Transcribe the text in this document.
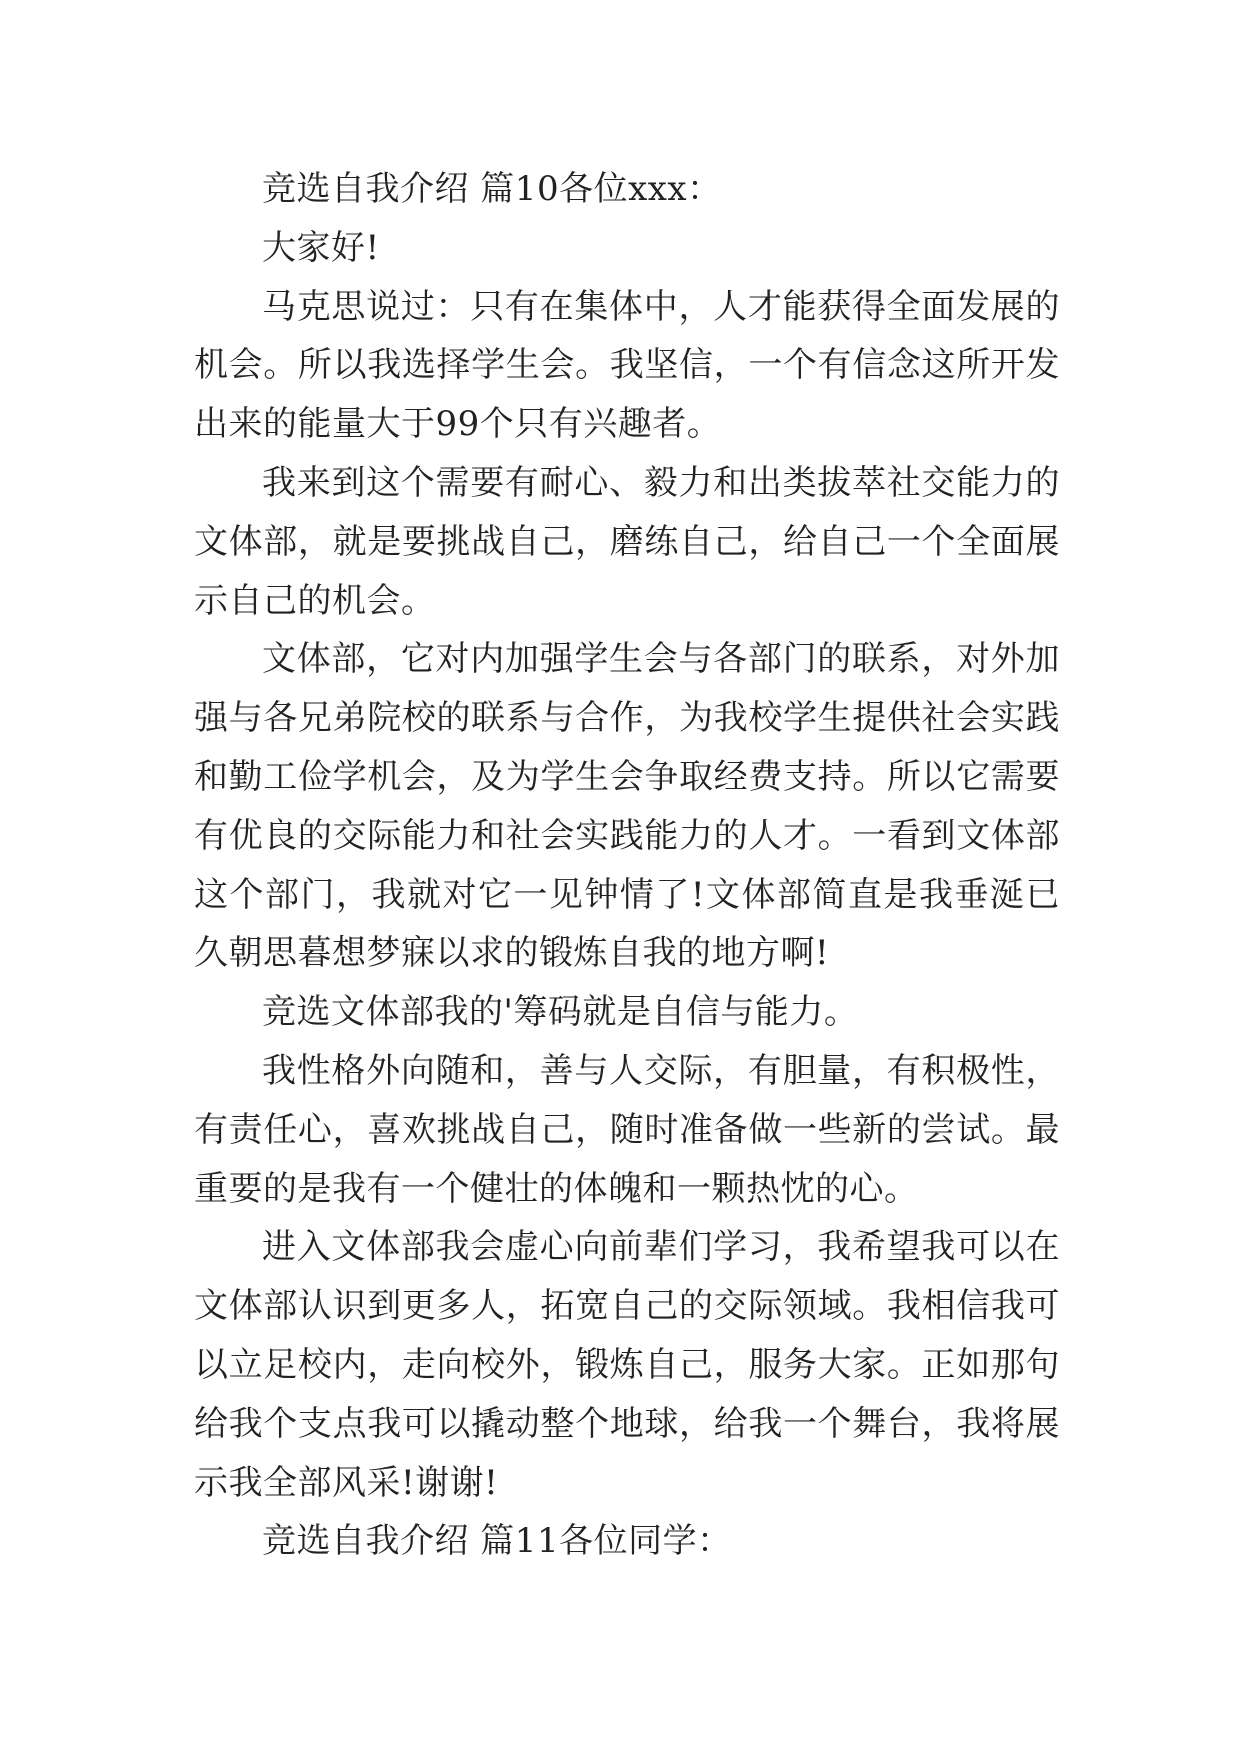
竞选自我介绍 篇10各位xxx：

大家好!

马克思说过：只有在集体中，人才能获得全面发展的机会。所以我选择学生会。我坚信，一个有信念这所开发出来的能量大于99个只有兴趣者。

我来到这个需要有耐心、毅力和出类拔萃社交能力的文体部，就是要挑战自己，磨练自己，给自己一个全面展示自己的机会。

文体部，它对内加强学生会与各部门的联系，对外加强与各兄弟院校的联系与合作，为我校学生提供社会实践和勤工俭学机会，及为学生会争取经费支持。所以它需要有优良的交际能力和社会实践能力的人才。一看到文体部这个部门，我就对它一见钟情了!文体部简直是我垂涎已久朝思暮想梦寐以求的锻炼自我的地方啊!

竞选文体部我的'筹码就是自信与能力。

我性格外向随和，善与人交际，有胆量，有积极性，有责任心，喜欢挑战自己，随时准备做一些新的尝试。最重要的是我有一个健壮的体魄和一颗热忱的心。

进入文体部我会虚心向前辈们学习，我希望我可以在文体部认识到更多人，拓宽自己的交际领域。我相信我可以立足校内，走向校外，锻炼自己，服务大家。正如那句给我个支点我可以撬动整个地球，给我一个舞台，我将展示我全部风采!谢谢!

竞选自我介绍 篇11各位同学：
